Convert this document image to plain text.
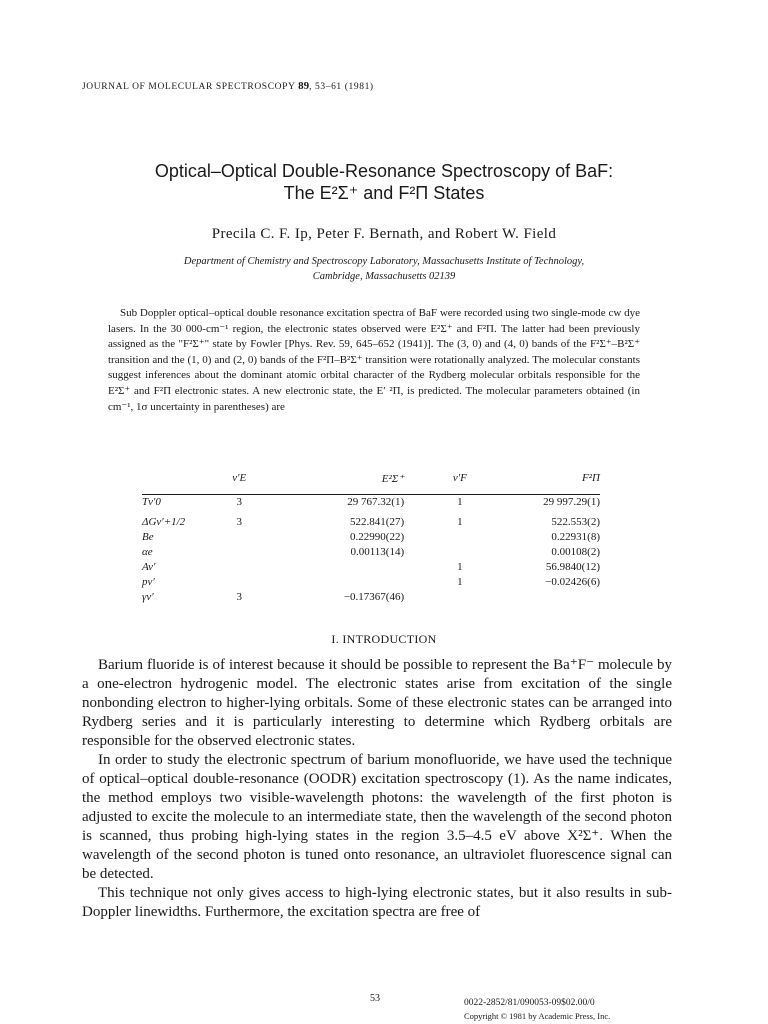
JOURNAL OF MOLECULAR SPECTROSCOPY 89, 53–61 (1981)
Optical–Optical Double-Resonance Spectroscopy of BaF:
The E²Σ⁺ and F²Π States
Precila C. F. Ip, Peter F. Bernath, and Robert W. Field
Department of Chemistry and Spectroscopy Laboratory, Massachusetts Institute of Technology,
Cambridge, Massachusetts 02139
Sub Doppler optical–optical double resonance excitation spectra of BaF were recorded using two single-mode cw dye lasers. In the 30 000-cm⁻¹ region, the electronic states observed were E²Σ⁺ and F²Π. The latter had been previously assigned as the "F²Σ⁺" state by Fowler [Phys. Rev. 59, 645–652 (1941)]. The (3, 0) and (4, 0) bands of the F²Σ⁺–B²Σ⁺ transition and the (1, 0) and (2, 0) bands of the F²Π–B²Σ⁺ transition were rotationally analyzed. The molecular constants suggest inferences about the dominant atomic orbital character of the Rydberg molecular orbitals responsible for the E²Σ⁺ and F²Π electronic states. A new electronic state, the E′ ²Π, is predicted. The molecular parameters obtained (in cm⁻¹, 1σ uncertainty in parentheses) are
	v′E	E²Σ⁺	v′F	F²Π
Tv′0	3	29 767.32(1)	1	29 997.29(1)
ΔGv′+1/2	3	522.841(27)	1	522.553(2)
Be		0.22990(22)		0.22931(8)
αe		0.00113(14)		0.00108(2)
Av′			1	56.9840(12)
pv′			1	−0.02426(6)
γv′	3	−0.17367(46)		
I. INTRODUCTION

Barium fluoride is of interest because it should be possible to represent the Ba⁺F⁻ molecule by a one-electron hydrogenic model. The electronic states arise from excitation of the single nonbonding electron to higher-lying orbitals. Some of these electronic states can be arranged into Rydberg series and it is particularly interesting to determine which Rydberg orbitals are responsible for the observed electronic states.

In order to study the electronic spectrum of barium monofluoride, we have used the technique of optical–optical double-resonance (OODR) excitation spectroscopy (1). As the name indicates, the method employs two visible-wavelength photons: the wavelength of the first photon is adjusted to excite the molecule to an intermediate state, then the wavelength of the second photon is scanned, thus probing high-lying states in the region 3.5–4.5 eV above X²Σ⁺. When the wavelength of the second photon is tuned onto resonance, an ultraviolet fluorescence signal can be detected.

This technique not only gives access to high-lying electronic states, but it also results in sub-Doppler linewidths. Furthermore, the excitation spectra are free of

53	0022-2852/81/090053-09$02.00/0
Copyright © 1981 by Academic Press, Inc.
